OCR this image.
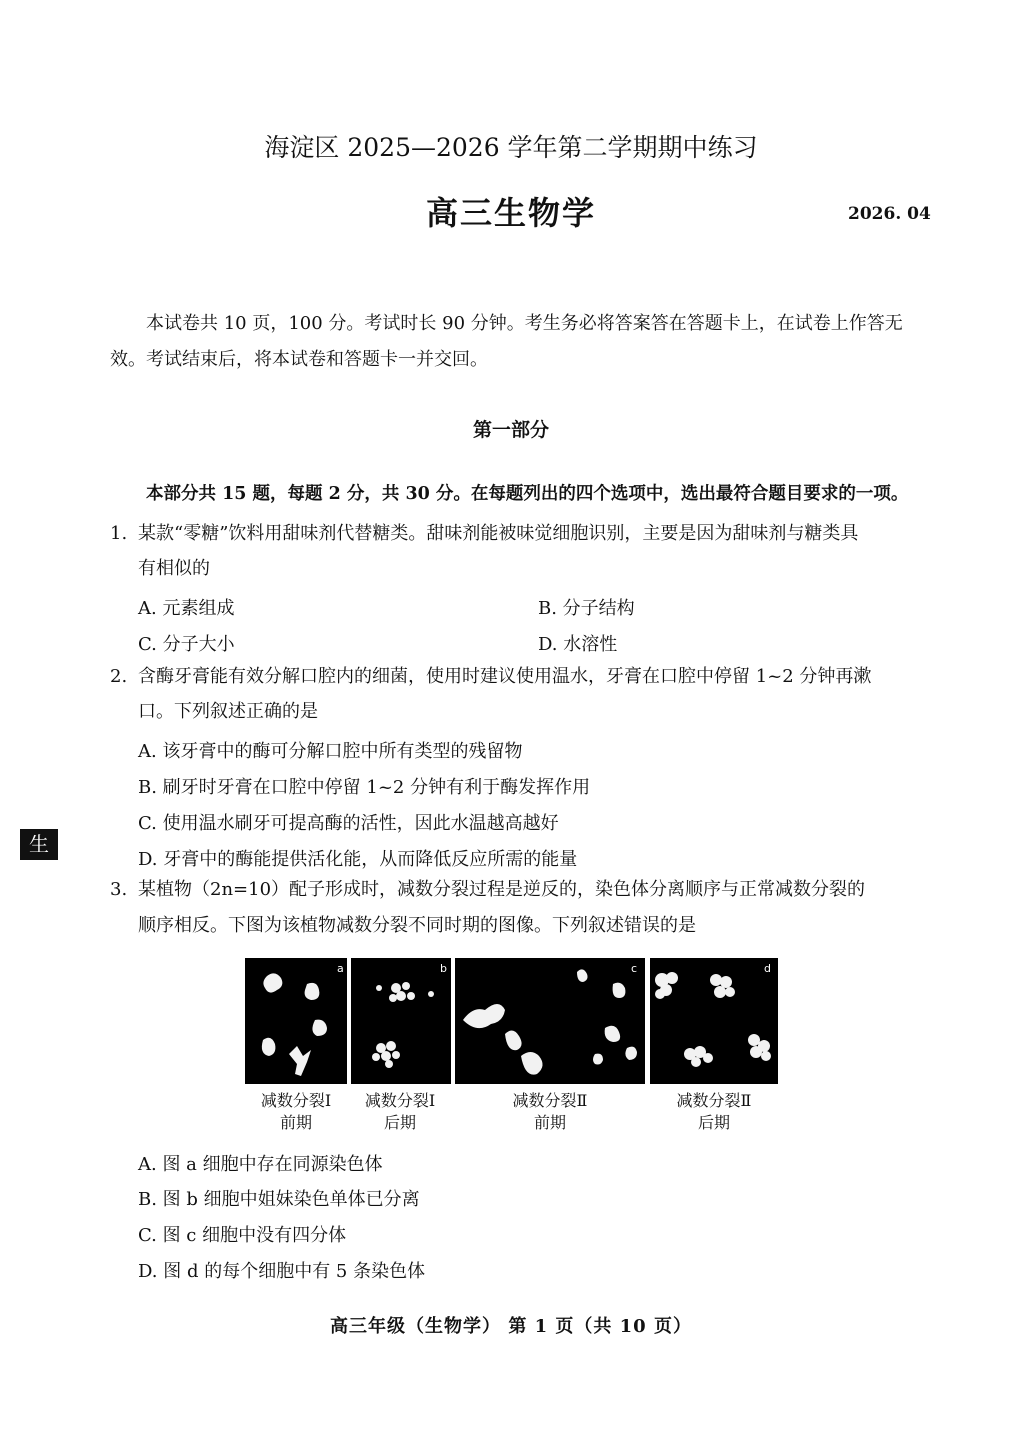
海淀区 2025—2026 学年第二学期期中练习
高三生物学	2026. 04
本试卷共 10 页，100 分。考试时长 90 分钟。考生务必将答案答在答题卡上，在试卷上作答无效。考试结束后，将本试卷和答题卡一并交回。
第一部分
本部分共 15 题，每题 2 分，共 30 分。在每题列出的四个选项中，选出最符合题目要求的一项。
生
1. 某款“零糖”饮料用甜味剂代替糖类。甜味剂能被味觉细胞识别，主要是因为甜味剂与糖类具
有相似的
A. 元素组成	B. 分子结构
C. 分子大小	D. 水溶性
2. 含酶牙膏能有效分解口腔内的细菌，使用时建议使用温水，牙膏在口腔中停留 1~2 分钟再漱
口。下列叙述正确的是
A. 该牙膏中的酶可分解口腔中所有类型的残留物
B. 刷牙时牙膏在口腔中停留 1~2 分钟有利于酶发挥作用
C. 使用温水刷牙可提高酶的活性，因此水温越高越好
D. 牙膏中的酶能提供活化能，从而降低反应所需的能量
3. 某植物（2n=10）配子形成时，减数分裂过程是逆反的，染色体分离顺序与正常减数分裂的
顺序相反。下图为该植物减数分裂不同时期的图像。下列叙述错误的是
a	b	c	d
减数分裂Ⅰ
前期
减数分裂Ⅰ
后期
减数分裂Ⅱ
前期
减数分裂Ⅱ
后期
A. 图 a 细胞中存在同源染色体
B. 图 b 细胞中姐妹染色单体已分离
C. 图 c 细胞中没有四分体
D. 图 d 的每个细胞中有 5 条染色体
高三年级（生物学） 第 1 页（共 10 页）
